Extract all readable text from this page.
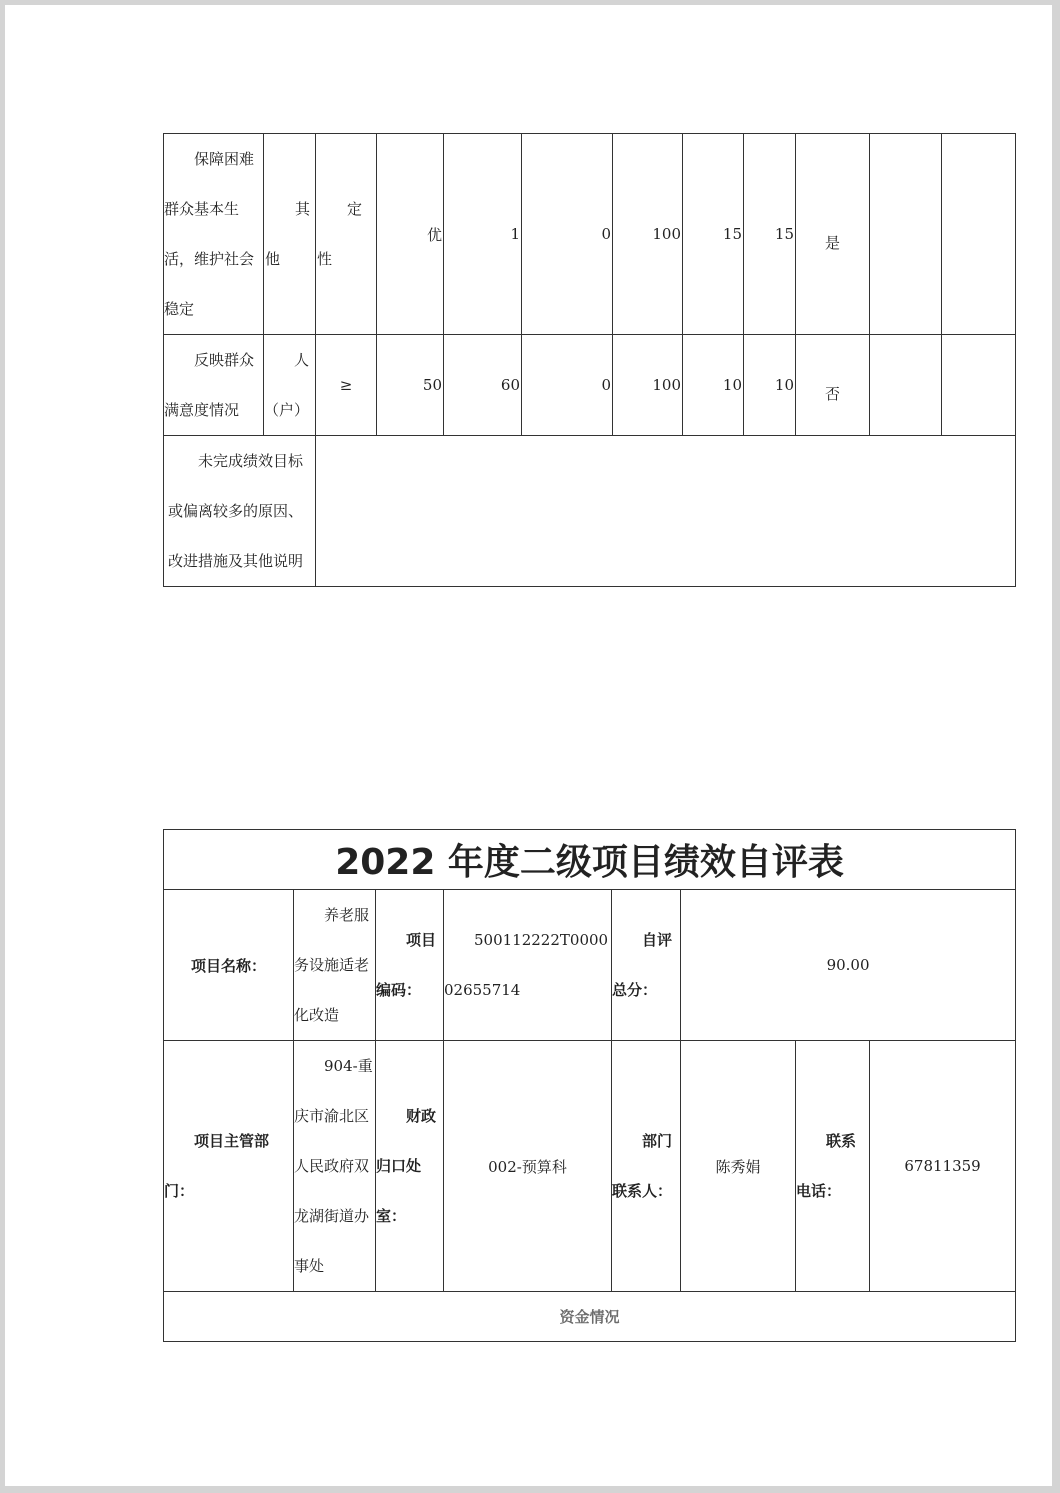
保障困难群众基本生活，维护社会稳定	其他	定性	优	1	0	100	15	15	是		
反映群众满意度情况	人（户）	≥	50	60	0	100	10	10	否		
未完成绩效目标或偏离较多的原因、改进措施及其他说明											
2022 年度二级项目绩效自评表							
项目名称：	养老服务设施适老化改造	项目编码：	500112222T000002655714	自评总分：	90.00		
项目主管部门：	904-重庆市渝北区人民政府双龙湖街道办事处	财政归口处室：	002-预算科	部门联系人：	陈秀娟	联系电话：	67811359
资金情况							
